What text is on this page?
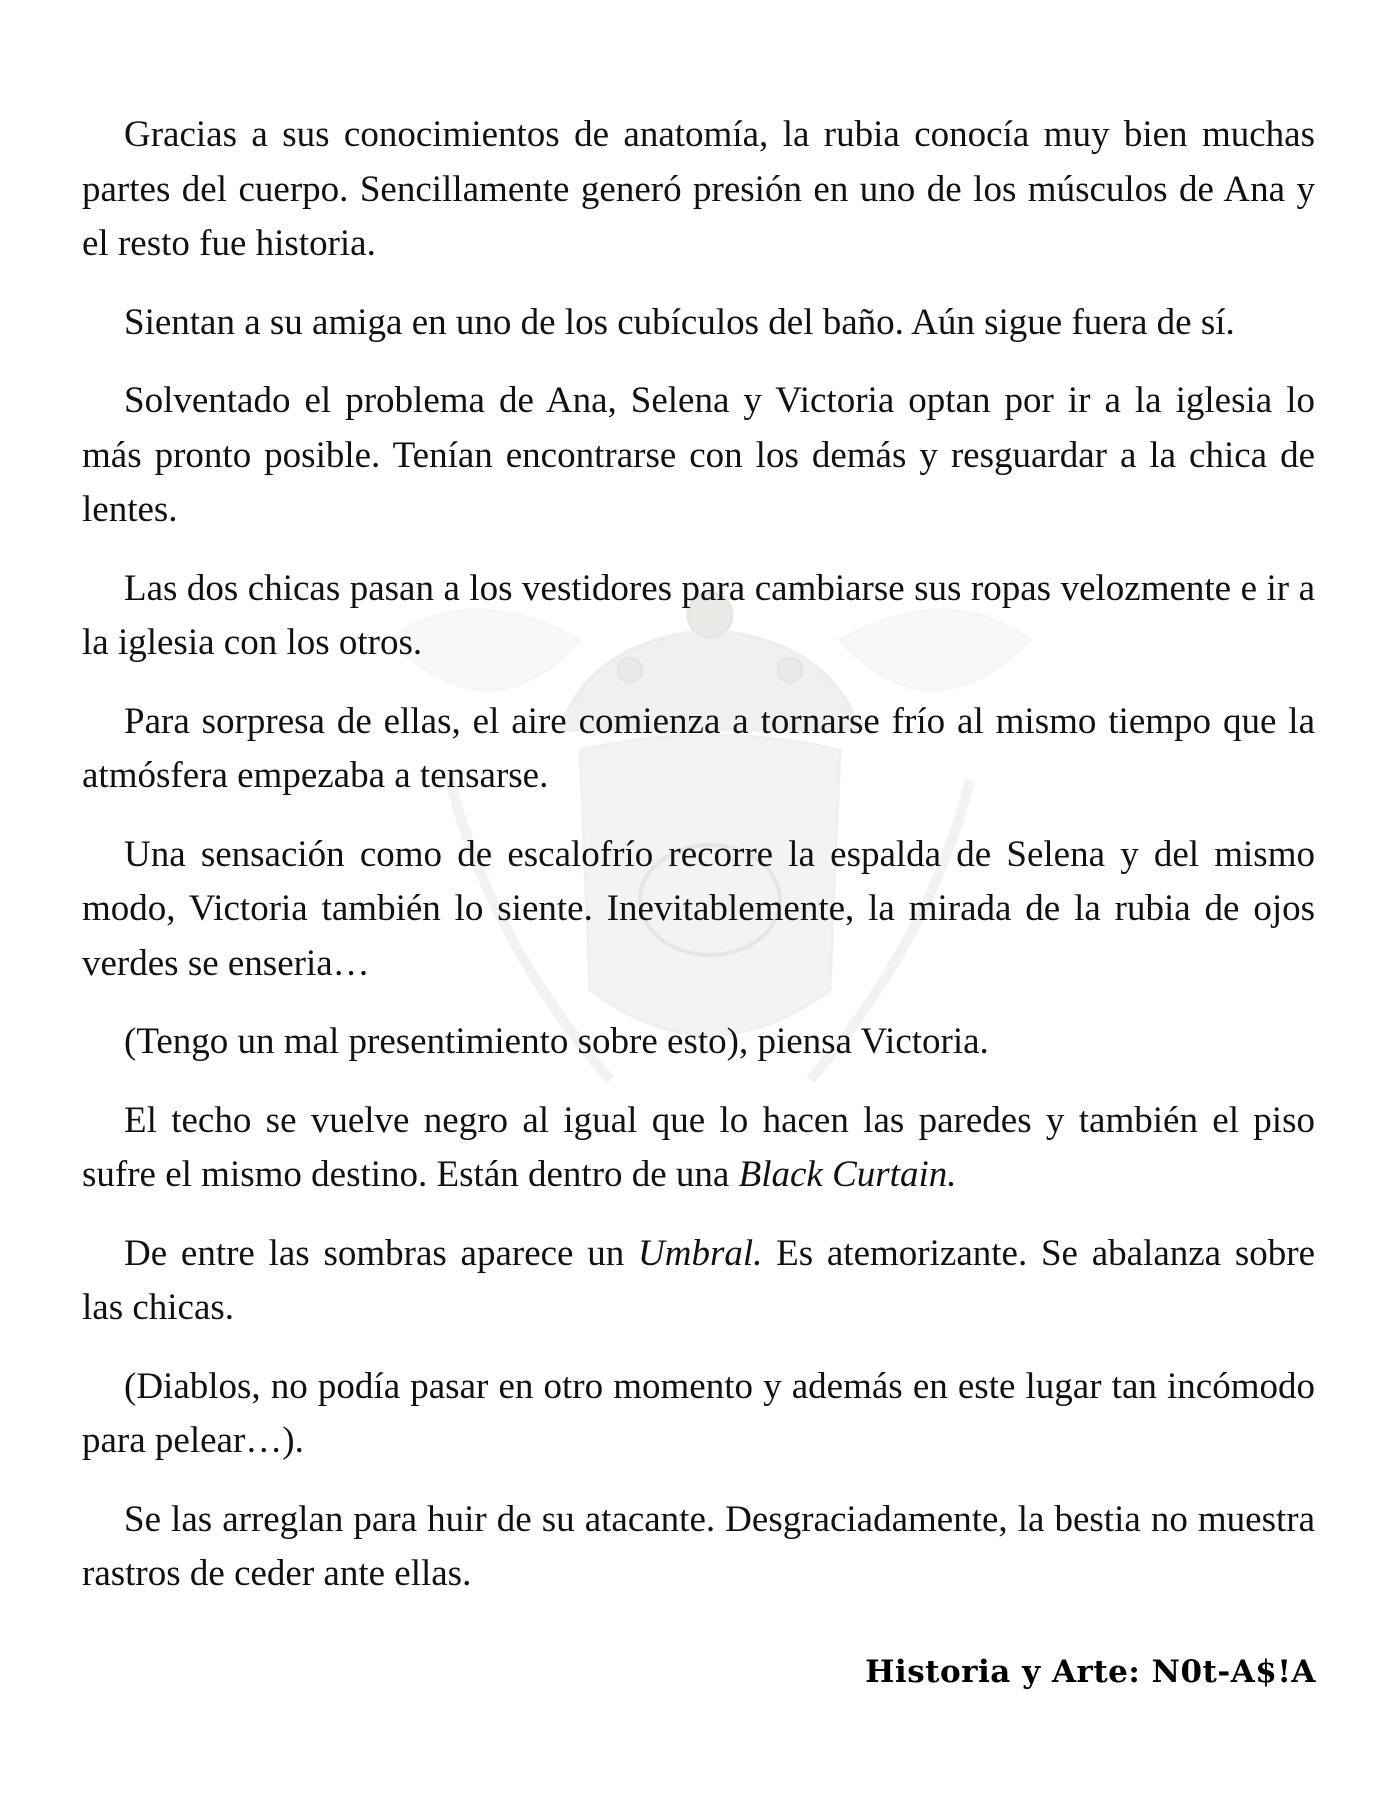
Gracias a sus conocimientos de anatomía, la rubia conocía muy bien muchas partes del cuerpo. Sencillamente generó presión en uno de los músculos de Ana y el resto fue historia.

Sientan a su amiga en uno de los cubículos del baño. Aún sigue fuera de sí.

Solventado el problema de Ana, Selena y Victoria optan por ir a la iglesia lo más pronto posible. Tenían encontrarse con los demás y resguardar a la chica de lentes.

Las dos chicas pasan a los vestidores para cambiarse sus ropas velozmente e ir a la iglesia con los otros.

Para sorpresa de ellas, el aire comienza a tornarse frío al mismo tiempo que la atmósfera empezaba a tensarse.

Una sensación como de escalofrío recorre la espalda de Selena y del mismo modo, Victoria también lo siente. Inevitablemente, la mirada de la rubia de ojos verdes se enseria…

(Tengo un mal presentimiento sobre esto), piensa Victoria.

El techo se vuelve negro al igual que lo hacen las paredes y también el piso sufre el mismo destino. Están dentro de una Black Curtain.

De entre las sombras aparece un Umbral. Es atemorizante. Se abalanza sobre las chicas.

(Diablos, no podía pasar en otro momento y además en este lugar tan incómodo para pelear…).

Se las arreglan para huir de su atacante. Desgraciadamente, la bestia no muestra rastros de ceder ante ellas.

Historia y Arte: N0t-A$!A
